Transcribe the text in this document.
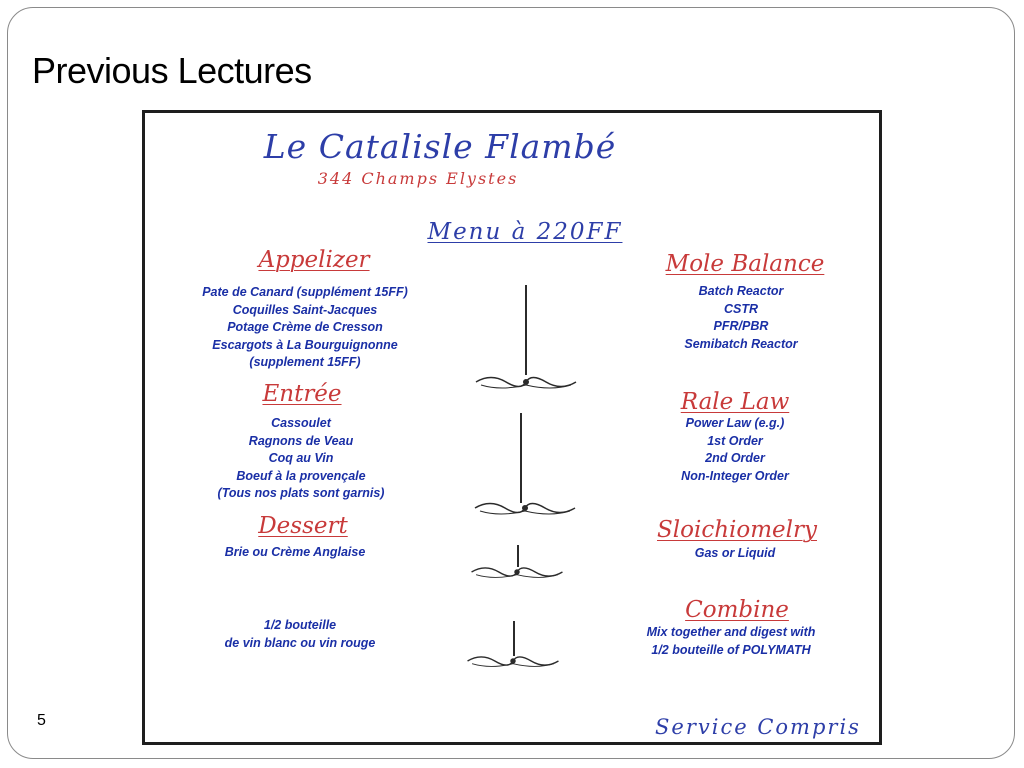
Previous Lectures
Le Catalisle Flambé
344 Champs Elystes
Menu à 220FF
Appelizer
Pate de Canard (supplément 15FF)
Coquilles Saint-Jacques
Potage Crème de Cresson
Escargots à La Bourguignonne
(supplement 15FF)
Entrée
Cassoulet
Ragnons de Veau
Coq au Vin
Boeuf à la provençale
(Tous nos plats sont garnis)
Dessert
Brie ou Crème Anglaise
1/2 bouteille
de vin blanc ou vin rouge
Mole Balance
Batch Reactor
CSTR
PFR/PBR
Semibatch Reactor
Rale Law
Power Law (e.g.)
1st Order
2nd Order
Non-Integer Order
Sloichiomelry
Gas or Liquid
Combine
Mix together and digest with
1/2 bouteille of POLYMATH
Service Compris
5
